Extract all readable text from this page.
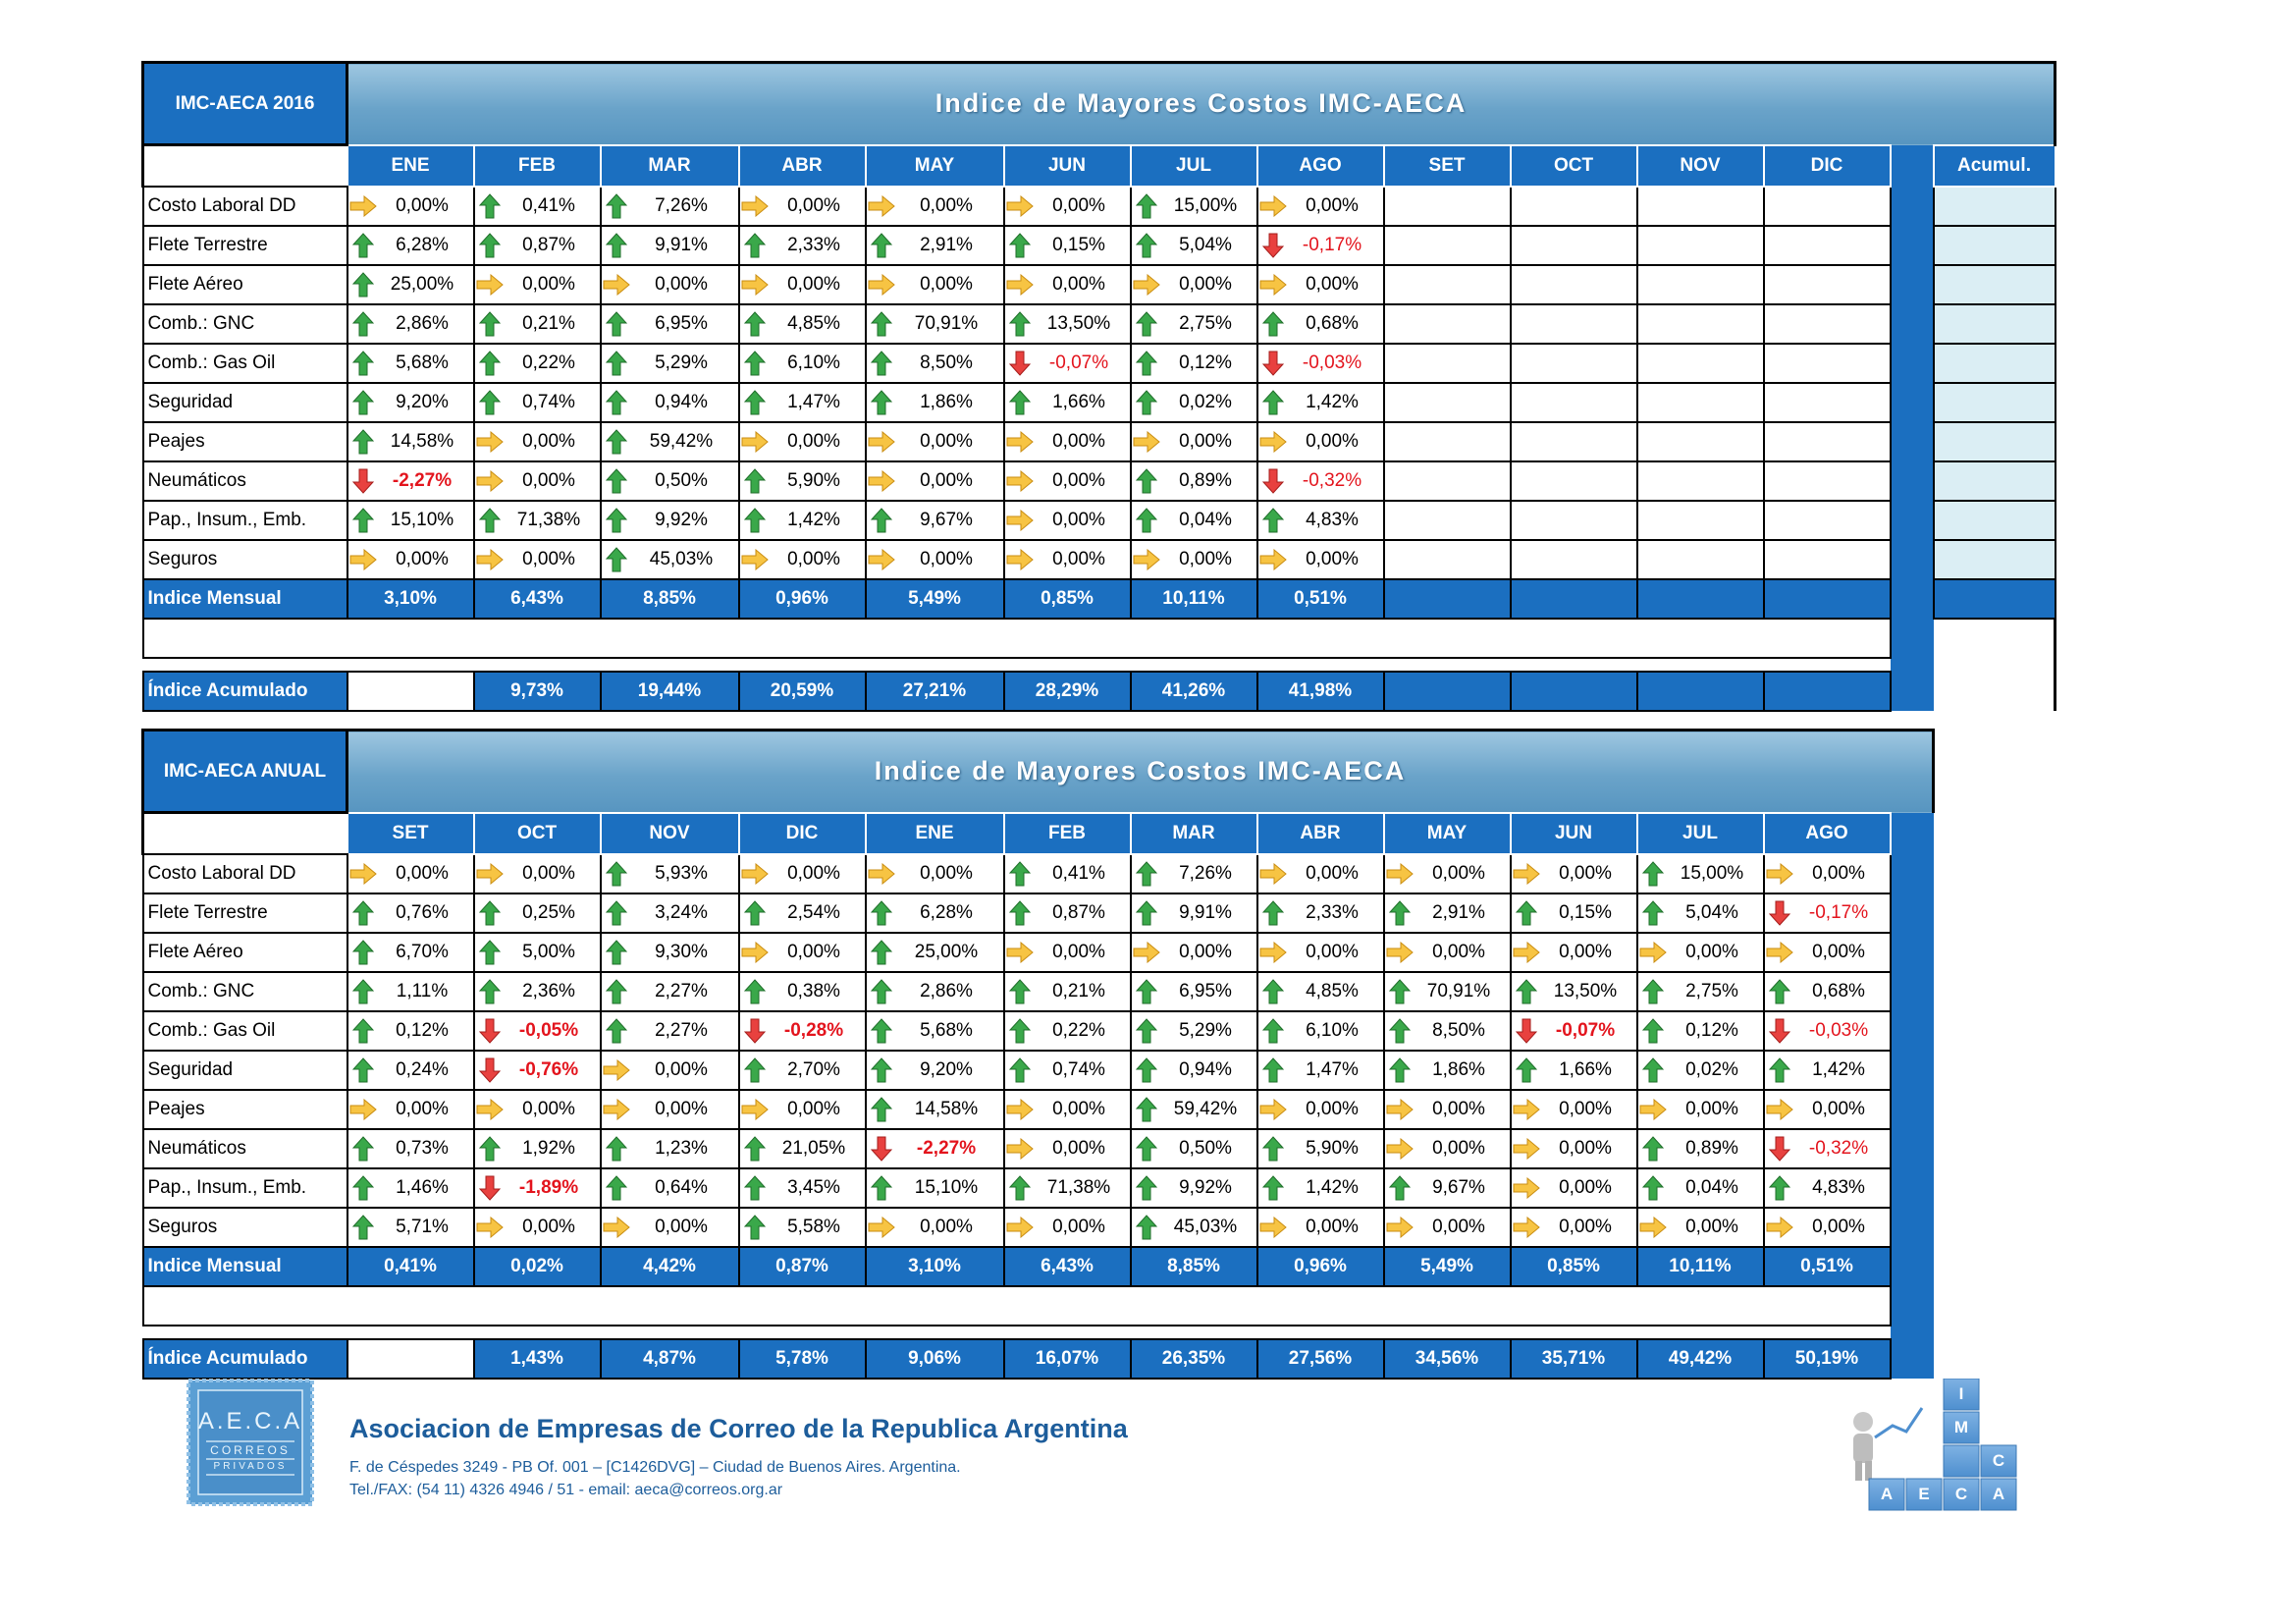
IMC-AECA 2016	Indice de Mayores Costos IMC-AECA													
	ENE	FEB	MAR	ABR	MAY	JUN	JUL	AGO	SET	OCT	NOV	DIC		Acumul.
Costo Laboral DD	0,00%	0,41%	7,26%	0,00%	0,00%	0,00%	15,00%	0,00%						

Flete Terrestre	6,28%	0,87%	9,91%	2,33%	2,91%	0,15%	5,04%	-0,17%						

Flete Aéreo	25,00%	0,00%	0,00%	0,00%	0,00%	0,00%	0,00%	0,00%						

Comb.: GNC	2,86%	0,21%	6,95%	4,85%	70,91%	13,50%	2,75%	0,68%						

Comb.: Gas Oil	5,68%	0,22%	5,29%	6,10%	8,50%	-0,07%	0,12%	-0,03%						

Seguridad	9,20%	0,74%	0,94%	1,47%	1,86%	1,66%	0,02%	1,42%						

Peajes	14,58%	0,00%	59,42%	0,00%	0,00%	0,00%	0,00%	0,00%						

Neumáticos	-2,27%	0,00%	0,50%	5,90%	0,00%	0,00%	0,89%	-0,32%						

Pap., Insum., Emb.	15,10%	71,38%	9,92%	1,42%	9,67%	0,00%	0,04%	4,83%						

Seguros	0,00%	0,00%	45,03%	0,00%	0,00%	0,00%	0,00%	0,00%						

Indice Mensual	3,10%	6,43%	8,85%	0,96%	5,49%	0,85%	10,11%	0,51%						

Índice Acumulado		9,73%	19,44%	20,59%	27,21%	28,29%	41,26%	41,98%						
IMC-AECA ANUAL	Indice de Mayores Costos IMC-AECA												
	SET	OCT	NOV	DIC	ENE	FEB	MAR	ABR	MAY	JUN	JUL	AGO	
Costo Laboral DD	0,00%	0,00%	5,93%	0,00%	0,00%	0,41%	7,26%	0,00%	0,00%	0,00%	15,00%	0,00%	

Flete Terrestre	0,76%	0,25%	3,24%	2,54%	6,28%	0,87%	9,91%	2,33%	2,91%	0,15%	5,04%	-0,17%	

Flete Aéreo	6,70%	5,00%	9,30%	0,00%	25,00%	0,00%	0,00%	0,00%	0,00%	0,00%	0,00%	0,00%	

Comb.: GNC	1,11%	2,36%	2,27%	0,38%	2,86%	0,21%	6,95%	4,85%	70,91%	13,50%	2,75%	0,68%	

Comb.: Gas Oil	0,12%	-0,05%	2,27%	-0,28%	5,68%	0,22%	5,29%	6,10%	8,50%	-0,07%	0,12%	-0,03%	

Seguridad	0,24%	-0,76%	0,00%	2,70%	9,20%	0,74%	0,94%	1,47%	1,86%	1,66%	0,02%	1,42%	

Peajes	0,00%	0,00%	0,00%	0,00%	14,58%	0,00%	59,42%	0,00%	0,00%	0,00%	0,00%	0,00%	

Neumáticos	0,73%	1,92%	1,23%	21,05%	-2,27%	0,00%	0,50%	5,90%	0,00%	0,00%	0,89%	-0,32%	

Pap., Insum., Emb.	1,46%	-1,89%	0,64%	3,45%	15,10%	71,38%	9,92%	1,42%	9,67%	0,00%	0,04%	4,83%	

Seguros	5,71%	0,00%	0,00%	5,58%	0,00%	0,00%	45,03%	0,00%	0,00%	0,00%	0,00%	0,00%	

Indice Mensual	0,41%	0,02%	4,42%	0,87%	3,10%	6,43%	8,85%	0,96%	5,49%	0,85%	10,11%	0,51%	

Índice Acumulado		1,43%	4,87%	5,78%	9,06%	16,07%	26,35%	27,56%	34,56%	35,71%	49,42%	50,19%	
A.E.C.A
CORREOS
PRIVADOS
Asociacion de Empresas de Correo de la Republica Argentina
F. de Céspedes 3249 - PB Of. 001 – [C1426DVG] – Ciudad de Buenos Aires. Argentina.
Tel./FAX: (54 11) 4326 4946 / 51 - email: aeca@correos.org.ar
I
M
C
A	E	C	A
